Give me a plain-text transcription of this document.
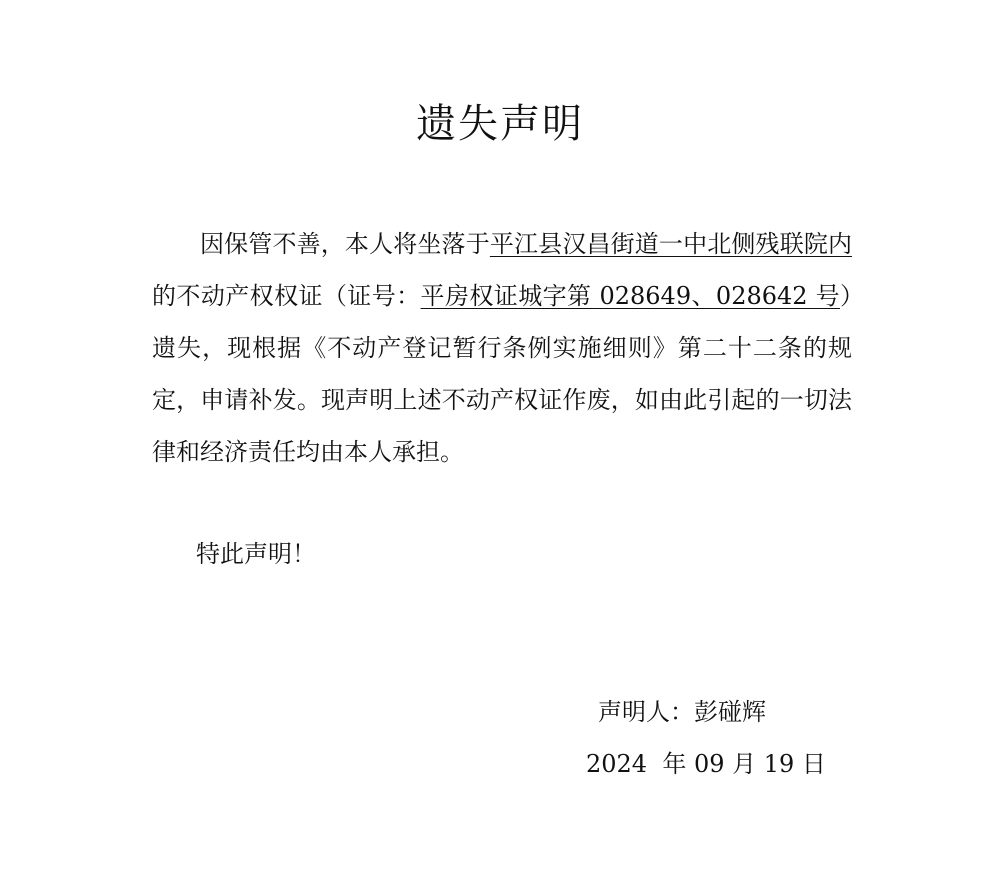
遗失声明

因保管不善，本人将坐落于平江县汉昌街道一中北侧残联院内的不动产权权证（证号：平房权证城字第 028649、028642 号）遗失，现根据《不动产登记暂行条例实施细则》第二十二条的规定，申请补发。现声明上述不动产权证作废，如由此引起的一切法律和经济责任均由本人承担。

特此声明！

声明人：彭碰辉

2024  年 09 月 19 日
